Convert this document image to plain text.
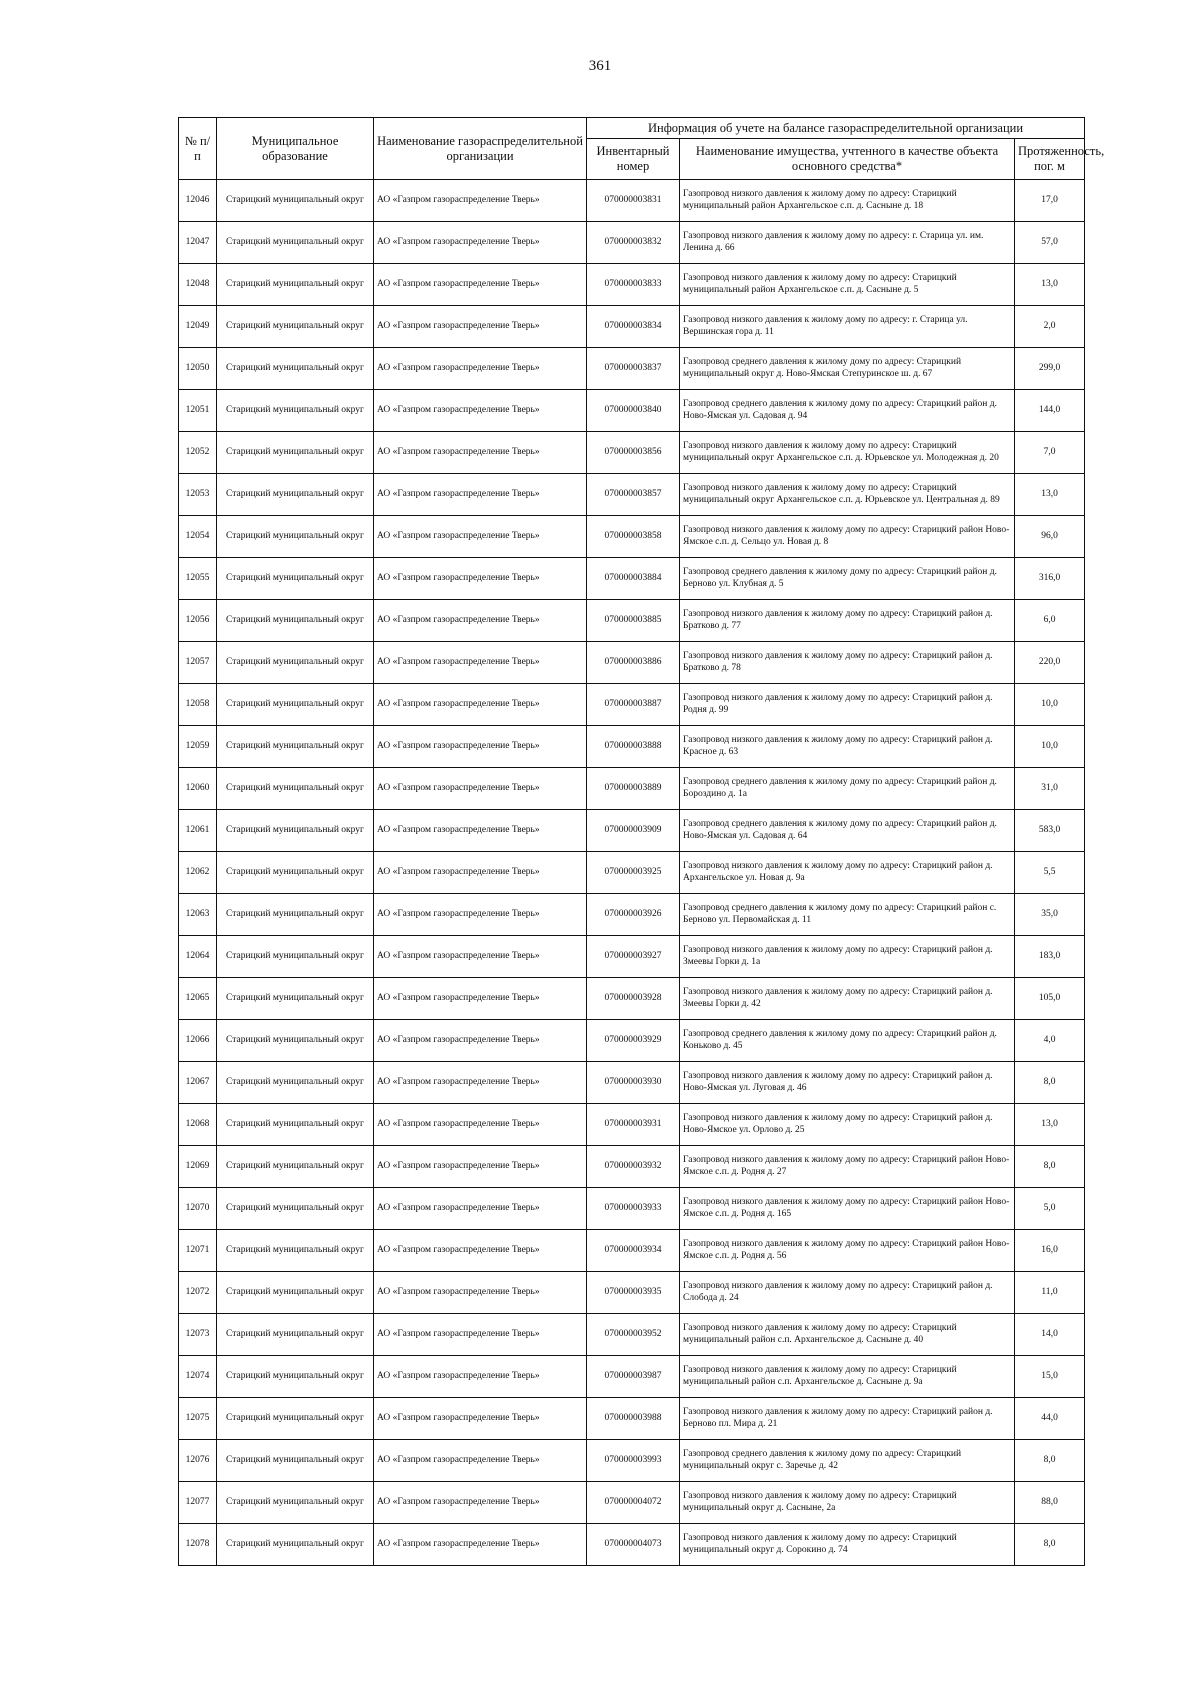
361
№ п/п	Муниципальное образование	Наименование газораспределительной организации	Информация об учете на балансе газораспределительной организации		
			Инвентарный номер	Наименование имущества, учтенного в качестве объекта основного средства*	Протяженность, пог. м
12046	Старицкий муниципальный округ	АО «Газпром газораспределение Тверь»	070000003831	Газопровод низкого давления к жилому дому по адресу: Старицкий муниципальный район Архангельское с.п. д. Сасныне д. 18	17,0
12047	Старицкий муниципальный округ	АО «Газпром газораспределение Тверь»	070000003832	Газопровод низкого давления к жилому дому по адресу: г. Старица ул. им. Ленина д. 66	57,0
12048	Старицкий муниципальный округ	АО «Газпром газораспределение Тверь»	070000003833	Газопровод низкого давления к жилому дому по адресу: Старицкий муниципальный район Архангельское с.п. д. Сасныне д. 5	13,0
12049	Старицкий муниципальный округ	АО «Газпром газораспределение Тверь»	070000003834	Газопровод низкого давления к жилому дому по адресу: г. Старица ул. Вершинская гора д. 11	2,0
12050	Старицкий муниципальный округ	АО «Газпром газораспределение Тверь»	070000003837	Газопровод среднего давления к жилому дому по адресу: Старицкий муниципальный округ д. Ново-Ямская Степуринское ш. д. 67	299,0
12051	Старицкий муниципальный округ	АО «Газпром газораспределение Тверь»	070000003840	Газопровод среднего давления к жилому дому по адресу: Старицкий район д. Ново-Ямская ул. Садовая д. 94	144,0
12052	Старицкий муниципальный округ	АО «Газпром газораспределение Тверь»	070000003856	Газопровод низкого давления к жилому дому по адресу: Старицкий муниципальный округ Архангельское с.п. д. Юрьевское ул. Молодежная д. 20	7,0
12053	Старицкий муниципальный округ	АО «Газпром газораспределение Тверь»	070000003857	Газопровод низкого давления к жилому дому по адресу: Старицкий муниципальный округ Архангельское с.п. д. Юрьевское ул. Центральная д. 89	13,0
12054	Старицкий муниципальный округ	АО «Газпром газораспределение Тверь»	070000003858	Газопровод низкого давления к жилому дому по адресу: Старицкий район Ново-Ямское с.п. д. Сельцо ул. Новая д. 8	96,0
12055	Старицкий муниципальный округ	АО «Газпром газораспределение Тверь»	070000003884	Газопровод среднего давления к жилому дому по адресу: Старицкий район д. Берново ул. Клубная д. 5	316,0
12056	Старицкий муниципальный округ	АО «Газпром газораспределение Тверь»	070000003885	Газопровод низкого давления к жилому дому по адресу: Старицкий район д. Братково д. 77	6,0
12057	Старицкий муниципальный округ	АО «Газпром газораспределение Тверь»	070000003886	Газопровод низкого давления к жилому дому по адресу: Старицкий район д. Братково д. 78	220,0
12058	Старицкий муниципальный округ	АО «Газпром газораспределение Тверь»	070000003887	Газопровод низкого давления к жилому дому по адресу: Старицкий район д. Родня д. 99	10,0
12059	Старицкий муниципальный округ	АО «Газпром газораспределение Тверь»	070000003888	Газопровод низкого давления к жилому дому по адресу: Старицкий район д. Красное д. 63	10,0
12060	Старицкий муниципальный округ	АО «Газпром газораспределение Тверь»	070000003889	Газопровод среднего давления к жилому дому по адресу: Старицкий район д. Бороздино д. 1а	31,0
12061	Старицкий муниципальный округ	АО «Газпром газораспределение Тверь»	070000003909	Газопровод среднего давления к жилому дому по адресу: Старицкий район д. Ново-Ямская ул. Садовая д. 64	583,0
12062	Старицкий муниципальный округ	АО «Газпром газораспределение Тверь»	070000003925	Газопровод низкого давления к жилому дому по адресу: Старицкий район д. Архангельское ул. Новая д. 9а	5,5
12063	Старицкий муниципальный округ	АО «Газпром газораспределение Тверь»	070000003926	Газопровод среднего давления к жилому дому по адресу: Старицкий район с. Берново ул. Первомайская д. 11	35,0
12064	Старицкий муниципальный округ	АО «Газпром газораспределение Тверь»	070000003927	Газопровод низкого давления к жилому дому по адресу: Старицкий район д. Змеевы Горки д. 1а	183,0
12065	Старицкий муниципальный округ	АО «Газпром газораспределение Тверь»	070000003928	Газопровод низкого давления к жилому дому по адресу: Старицкий район д. Змеевы Горки д. 42	105,0
12066	Старицкий муниципальный округ	АО «Газпром газораспределение Тверь»	070000003929	Газопровод среднего давления к жилому дому по адресу: Старицкий район д. Коньково д. 45	4,0
12067	Старицкий муниципальный округ	АО «Газпром газораспределение Тверь»	070000003930	Газопровод низкого давления к жилому дому по адресу: Старицкий район д. Ново-Ямская ул. Луговая д. 46	8,0
12068	Старицкий муниципальный округ	АО «Газпром газораспределение Тверь»	070000003931	Газопровод низкого давления к жилому дому по адресу: Старицкий район д. Ново-Ямское ул. Орлово д. 25	13,0
12069	Старицкий муниципальный округ	АО «Газпром газораспределение Тверь»	070000003932	Газопровод низкого давления к жилому дому по адресу: Старицкий район Ново-Ямское с.п. д. Родня д. 27	8,0
12070	Старицкий муниципальный округ	АО «Газпром газораспределение Тверь»	070000003933	Газопровод низкого давления к жилому дому по адресу: Старицкий район Ново-Ямское с.п. д. Родня д. 165	5,0
12071	Старицкий муниципальный округ	АО «Газпром газораспределение Тверь»	070000003934	Газопровод низкого давления к жилому дому по адресу: Старицкий район Ново-Ямское с.п. д. Родня д. 56	16,0
12072	Старицкий муниципальный округ	АО «Газпром газораспределение Тверь»	070000003935	Газопровод низкого давления к жилому дому по адресу: Старицкий район д. Слобода д. 24	11,0
12073	Старицкий муниципальный округ	АО «Газпром газораспределение Тверь»	070000003952	Газопровод низкого давления к жилому дому по адресу: Старицкий муниципальный район с.п. Архангельское д. Сасныне д. 40	14,0
12074	Старицкий муниципальный округ	АО «Газпром газораспределение Тверь»	070000003987	Газопровод низкого давления к жилому дому по адресу: Старицкий муниципальный район с.п. Архангельское д. Сасныне д. 9а	15,0
12075	Старицкий муниципальный округ	АО «Газпром газораспределение Тверь»	070000003988	Газопровод низкого давления к жилому дому по адресу: Старицкий район д. Берново пл. Мира д. 21	44,0
12076	Старицкий муниципальный округ	АО «Газпром газораспределение Тверь»	070000003993	Газопровод среднего давления к жилому дому по адресу: Старицкий муниципальный округ с. Заречье д. 42	8,0
12077	Старицкий муниципальный округ	АО «Газпром газораспределение Тверь»	070000004072	Газопровод низкого давления к жилому дому по адресу: Старицкий муниципальный округ д. Сасныне, 2а	88,0
12078	Старицкий муниципальный округ	АО «Газпром газораспределение Тверь»	070000004073	Газопровод низкого давления к жилому дому по адресу: Старицкий муниципальный округ д. Сорокино д. 74	8,0
